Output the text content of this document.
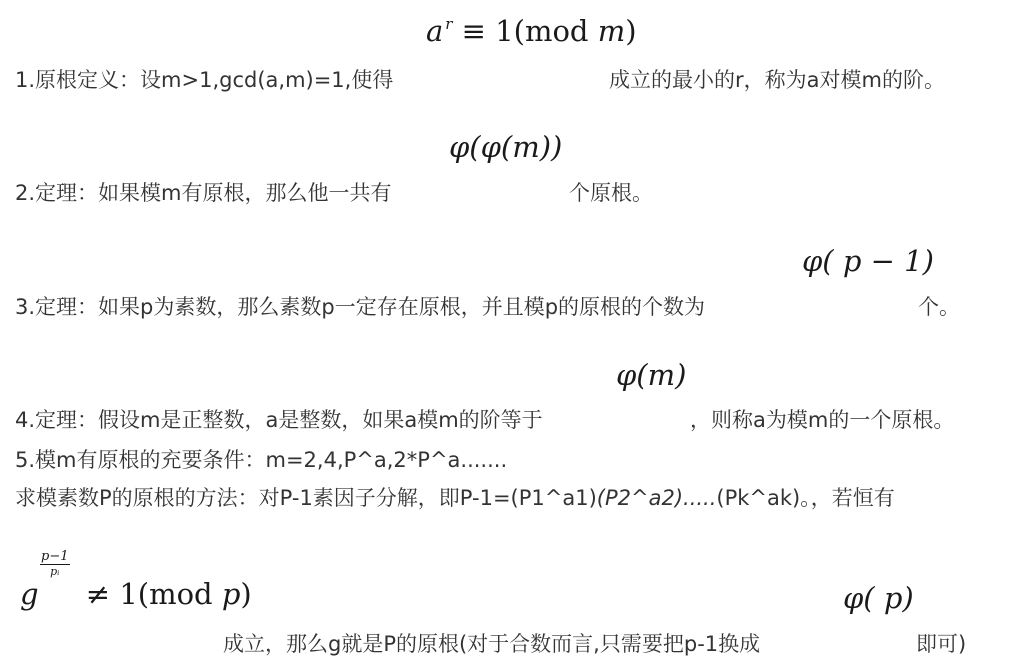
a $^r$ ≡ 1(mod m)
1.原根定义：设m>1,gcd(a,m)=1,使得	成立的最小的r，称为a对模m的阶。
φ(φ(m))
2.定理：如果模m有原根，那么他一共有	个原根。
φ( p − 1)
3.定理：如果p为素数，那么素数p一定存在原根，并且模p的原根的个数为	个。
φ(m)
4.定理：假设m是正整数，a是整数，如果a模m的阶等于	，则称a为模m的一个原根。
5.模m有原根的充要条件：m=2,4,P^a,2*P^a.......
求模素数P的原根的方法：对P-1素因子分解，即P-1=(P1^a1)(P2^a2).....(Pk^ak)。，若恒有
g ≠ 1(mod p)
p−1
pᵢ
φ( p)
成立，那么g就是P的原根(对于合数而言,只需要把p-1换成	即可)
